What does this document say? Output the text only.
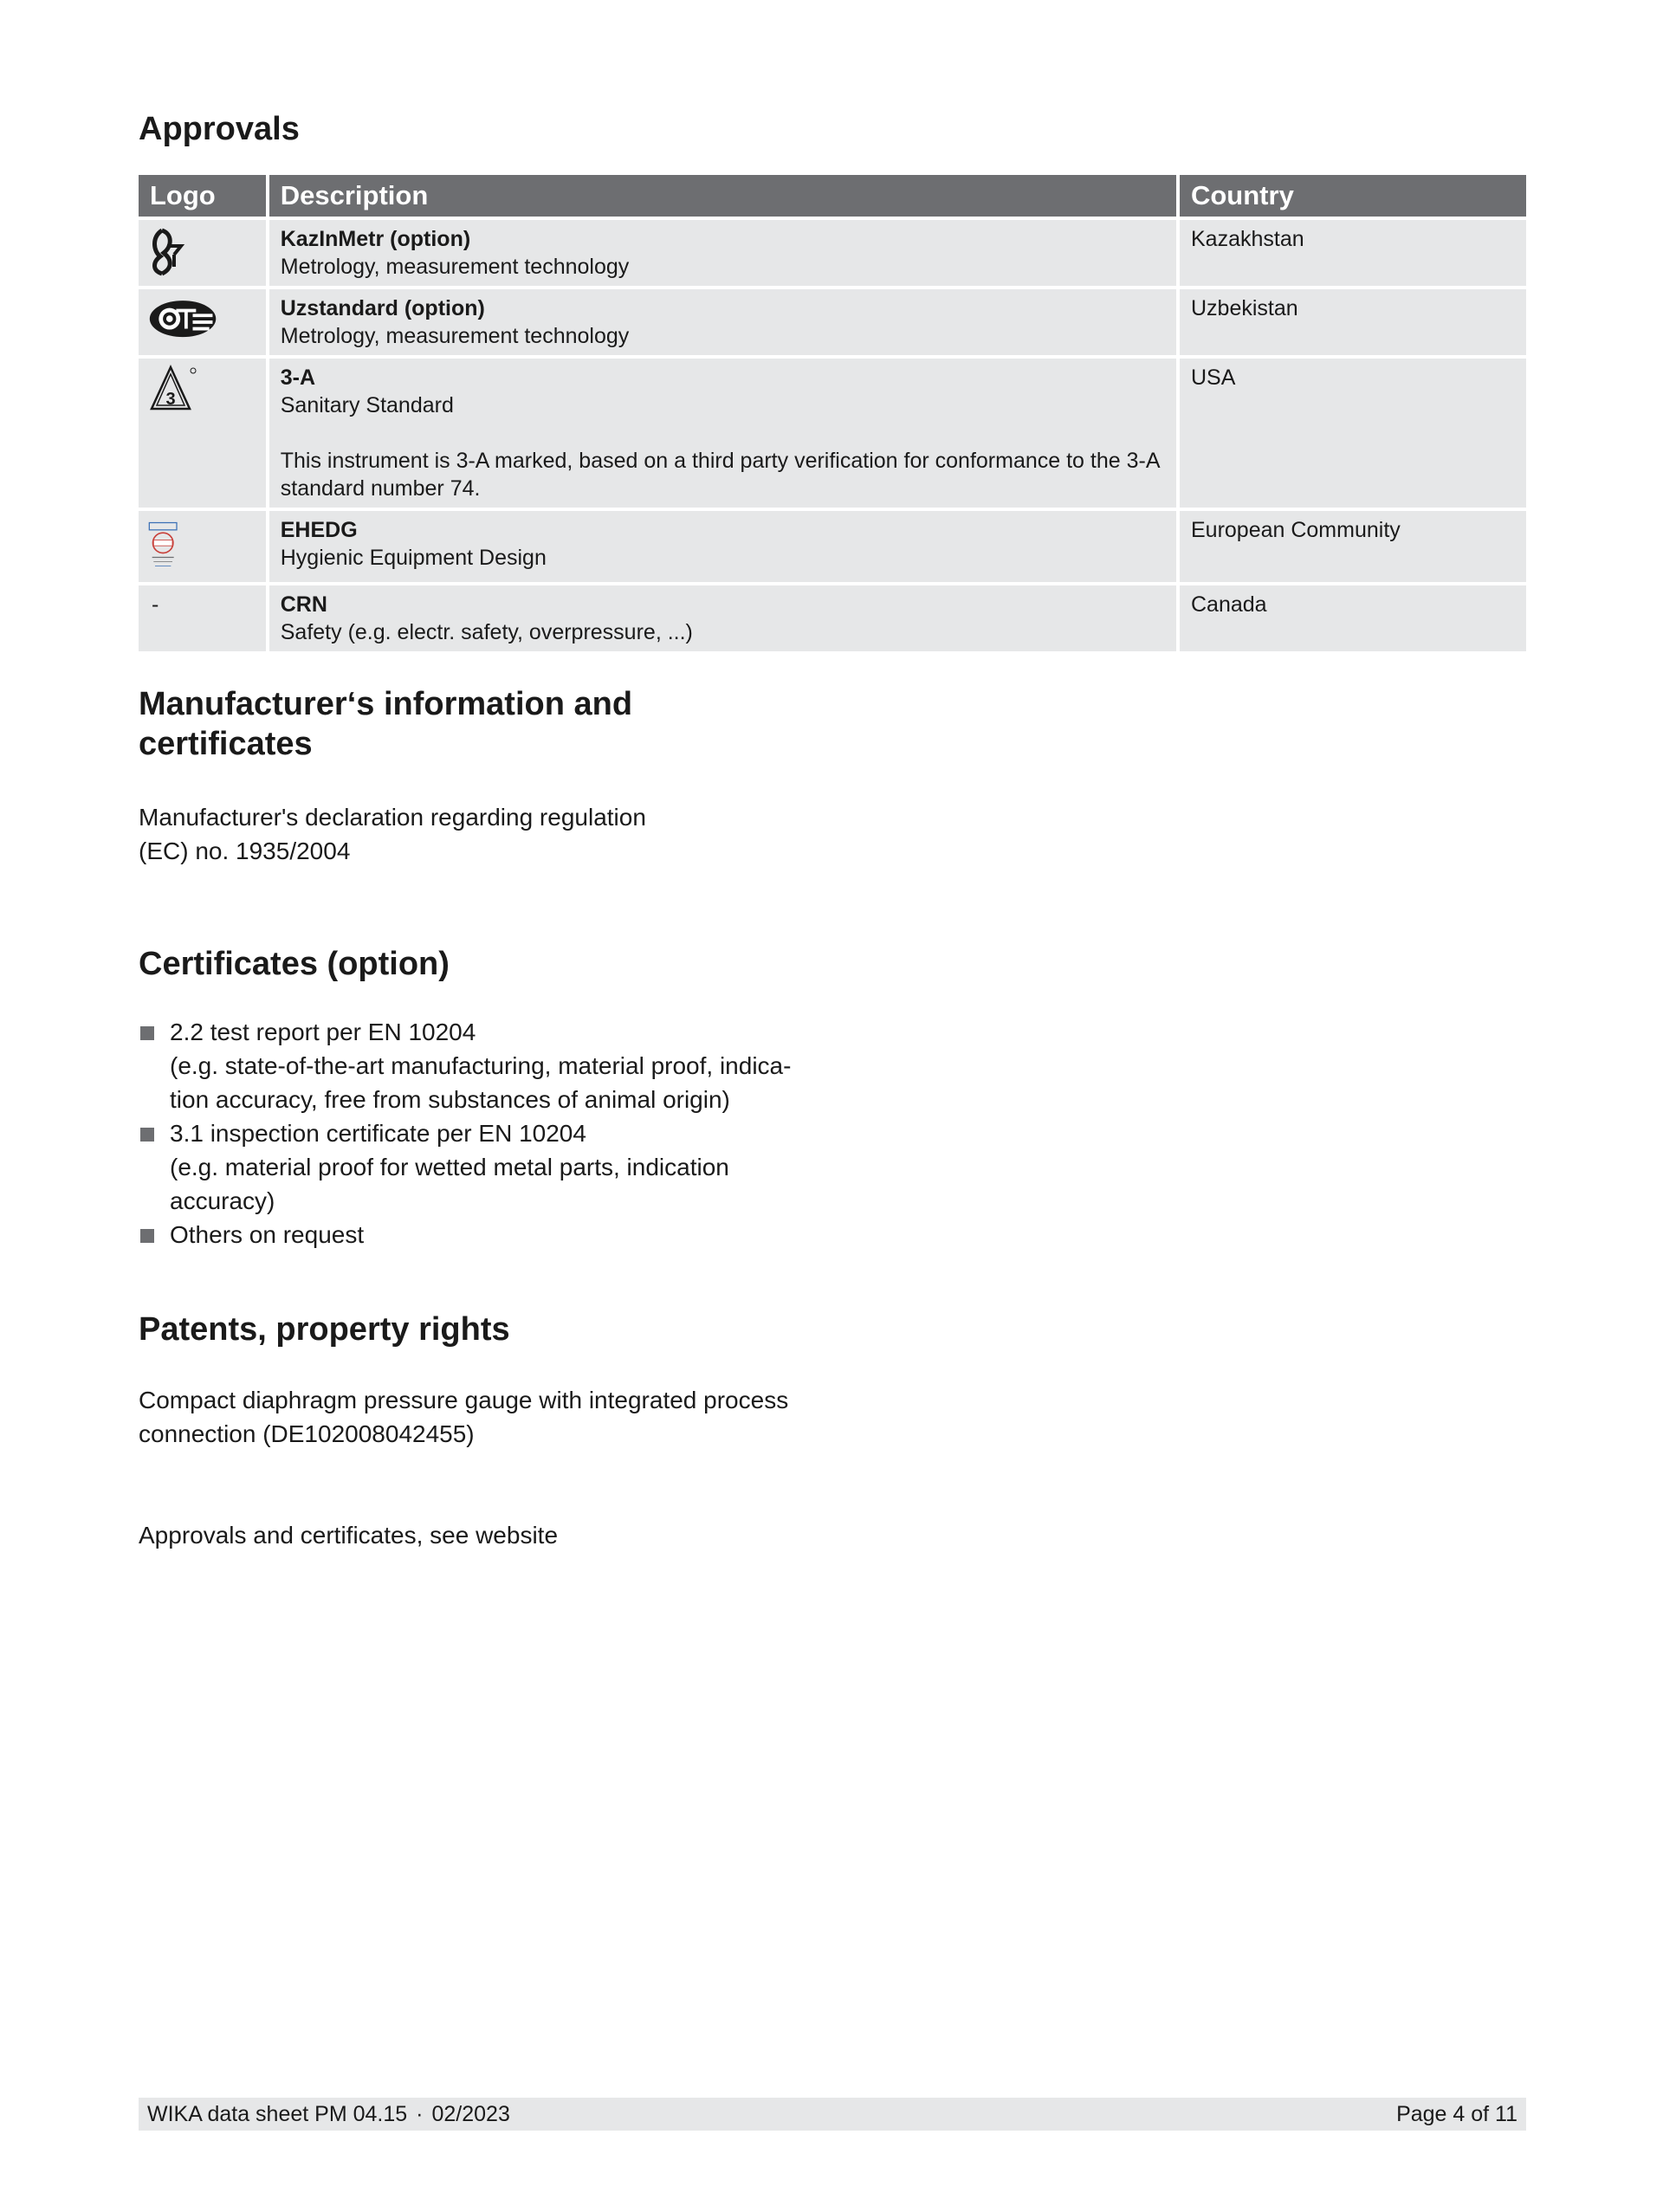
Approvals
Logo	Description	Country

KazInMetr (option)
Metrology, measurement technology	Kazakhstan

Uzstandard (option)
Metrology, measurement technology	Uzbekistan

3	3-A
Sanitary Standard
This instrument is 3-A marked, based on a third party verification for conformance to the 3-A standard number 74.	USA

EHEDG
Hygienic Equipment Design	European Community

-	CRN
Safety (e.g. electr. safety, overpressure, ...)	Canada
Manufacturer‘s information and
certificates

Manufacturer's declaration regarding regulation
(EC) no. 1935/2004

Certificates (option)
2.2 test report per EN 10204
(e.g. state-of-the-art manufacturing, material proof, indica-
tion accuracy, free from substances of animal origin)
3.1 inspection certificate per EN 10204
(e.g. material proof for wetted metal parts, indication
accuracy)
Others on request
Patents, property rights

Compact diaphragm pressure gauge with integrated process
connection (DE102008042455)

Approvals and certificates, see website

WIKA data sheet PM 04.15 · 02/2023	Page 4 of 11
